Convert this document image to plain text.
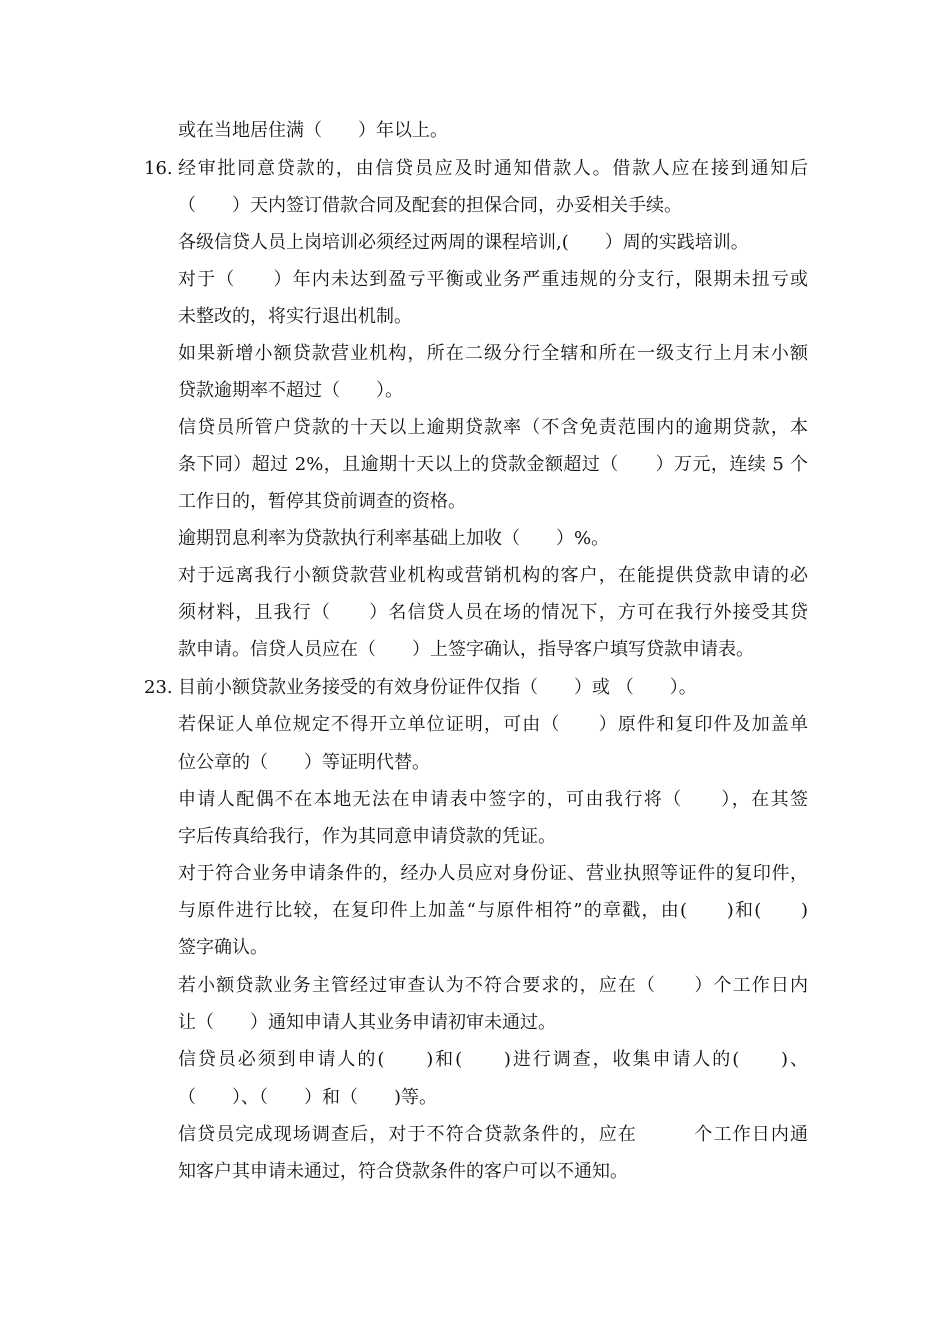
或在当地居住满（　　）年以上。
16. 经审批同意贷款的，由信贷员应及时通知借款人。借款人应在接到通知后
（　　）天内签订借款合同及配套的担保合同，办妥相关手续。
各级信贷人员上岗培训必须经过两周的课程培训,(　　）周的实践培训。
对于（　　）年内未达到盈亏平衡或业务严重违规的分支行，限期未扭亏或
未整改的，将实行退出机制。
如果新增小额贷款营业机构，所在二级分行全辖和所在一级支行上月末小额
贷款逾期率不超过（　　）。
信贷员所管户贷款的十天以上逾期贷款率（不含免责范围内的逾期贷款，本
条下同）超过 2%，且逾期十天以上的贷款金额超过（　　）万元，连续 5 个
工作日的，暂停其贷前调查的资格。
逾期罚息利率为贷款执行利率基础上加收（　　）%。
对于远离我行小额贷款营业机构或营销机构的客户，在能提供贷款申请的必
须材料，且我行（　　）名信贷人员在场的情况下，方可在我行外接受其贷
款申请。信贷人员应在（　　）上签字确认，指导客户填写贷款申请表。
23. 目前小额贷款业务接受的有效身份证件仅指（　　）或 （　　）。
若保证人单位规定不得开立单位证明，可由（　　）原件和复印件及加盖单
位公章的（　　）等证明代替。
申请人配偶不在本地无法在申请表中签字的，可由我行将（　　），在其签
字后传真给我行，作为其同意申请贷款的凭证。
对于符合业务申请条件的，经办人员应对身份证、营业执照等证件的复印件，
与原件进行比较，在复印件上加盖“与原件相符”的章戳，由(　　)和(　　)
签字确认。
若小额贷款业务主管经过审查认为不符合要求的，应在（　　）个工作日内
让（　　）通知申请人其业务申请初审未通过。
信贷员必须到申请人的(　　)和(　　)进行调查，收集申请人的(　　)、
（　　）、（　　）和（　　)等。
信贷员完成现场调查后，对于不符合贷款条件的，应在　　　个工作日内通
知客户其申请未通过，符合贷款条件的客户可以不通知。
